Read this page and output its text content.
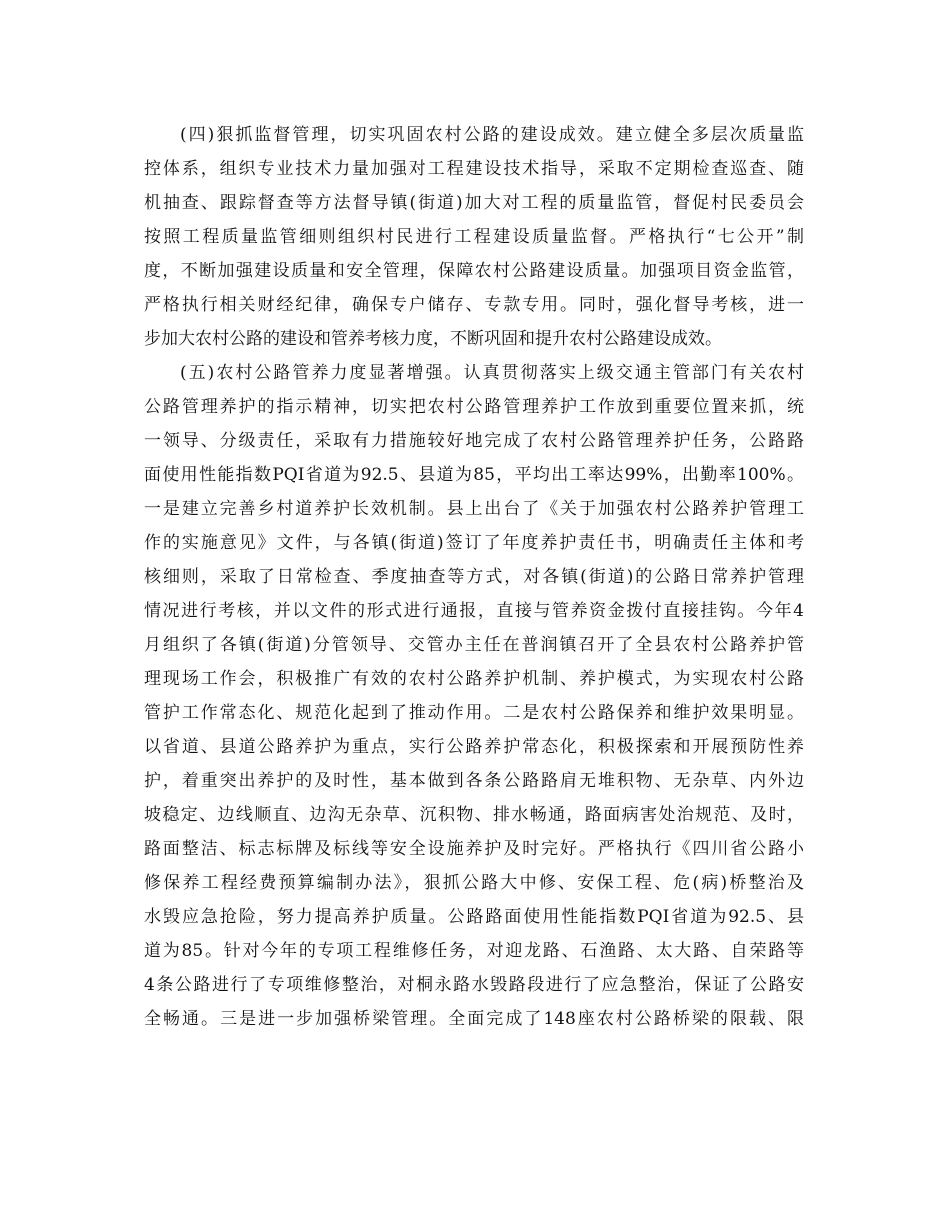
(四)狠抓监督管理，切实巩固农村公路的建设成效。建立健全多层次质量监
控体系，组织专业技术力量加强对工程建设技术指导，采取不定期检查巡查、随
机抽查、跟踪督查等方法督导镇(街道)加大对工程的质量监管，督促村民委员会
按照工程质量监管细则组织村民进行工程建设质量监督。严格执行“七公开”制
度，不断加强建设质量和安全管理，保障农村公路建设质量。加强项目资金监管，
严格执行相关财经纪律，确保专户储存、专款专用。同时，强化督导考核，进一
步加大农村公路的建设和管养考核力度，不断巩固和提升农村公路建设成效。
(五)农村公路管养力度显著增强。认真贯彻落实上级交通主管部门有关农村
公路管理养护的指示精神，切实把农村公路管理养护工作放到重要位置来抓，统
一领导、分级责任，采取有力措施较好地完成了农村公路管理养护任务，公路路
面使用性能指数PQI省道为92.5、县道为85，平均出工率达99%，出勤率100%。
一是建立完善乡村道养护长效机制。县上出台了《关于加强农村公路养护管理工
作的实施意见》文件，与各镇(街道)签订了年度养护责任书，明确责任主体和考
核细则，采取了日常检查、季度抽查等方式，对各镇(街道)的公路日常养护管理
情况进行考核，并以文件的形式进行通报，直接与管养资金拨付直接挂钩。今年4
月组织了各镇(街道)分管领导、交管办主任在普润镇召开了全县农村公路养护管
理现场工作会，积极推广有效的农村公路养护机制、养护模式，为实现农村公路
管护工作常态化、规范化起到了推动作用。二是农村公路保养和维护效果明显。
以省道、县道公路养护为重点，实行公路养护常态化，积极探索和开展预防性养
护，着重突出养护的及时性，基本做到各条公路路肩无堆积物、无杂草、内外边
坡稳定、边线顺直、边沟无杂草、沉积物、排水畅通，路面病害处治规范、及时，
路面整洁、标志标牌及标线等安全设施养护及时完好。严格执行《四川省公路小
修保养工程经费预算编制办法》，狠抓公路大中修、安保工程、危(病)桥整治及
水毁应急抢险，努力提高养护质量。公路路面使用性能指数PQI省道为92.5、县
道为85。针对今年的专项工程维修任务，对迎龙路、石渔路、太大路、自荣路等
4条公路进行了专项维修整治，对桐永路水毁路段进行了应急整治，保证了公路安
全畅通。三是进一步加强桥梁管理。全面完成了148座农村公路桥梁的限载、限
